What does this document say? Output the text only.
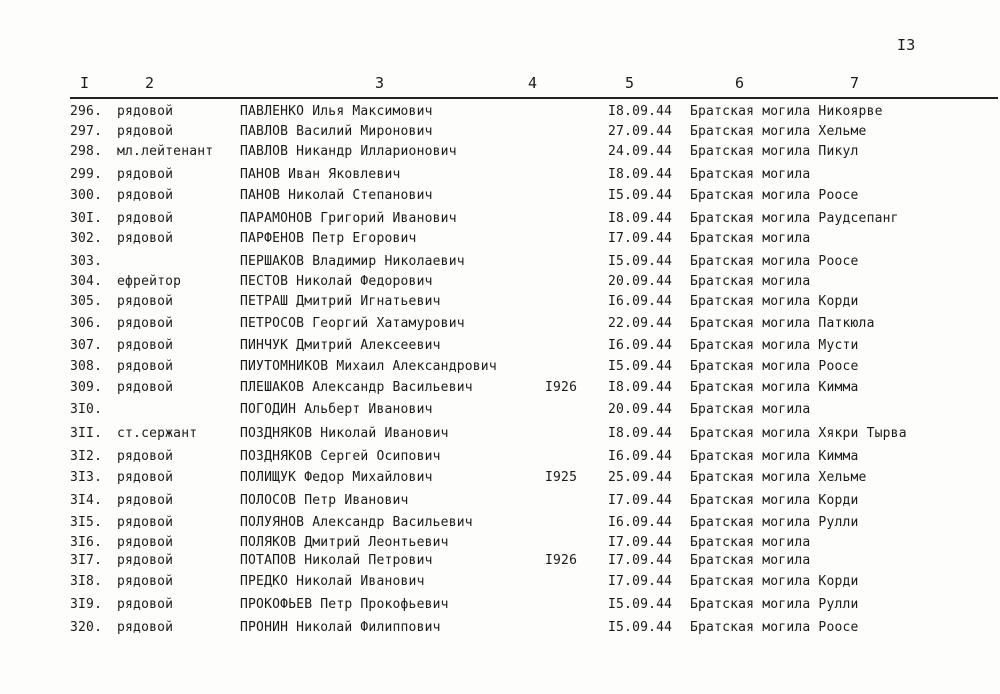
I3
I	2	3	4	5	6	7
296. рядовой	ПАВЛЕНКО Илья Максимович	I8.09.44 Братская могила Никоярве
297. рядовой	ПАВЛОВ Василий Миронович	27.09.44 Братская могила Хельме
298. мл.лейтенант ПАВЛОВ Никандр Илларионович	24.09.44 Братская могила Пикул
299. рядовой	ПАНОВ Иван Яковлевич	I8.09.44 Братская могила
300. рядовой	ПАНОВ Николай Степанович	I5.09.44 Братская могила Роосе
30I. рядовой	ПАРАМОНОВ Григорий Иванович	I8.09.44 Братская могила Раудсепанг
302. рядовой	ПАРФЕНОВ Петр Егорович	I7.09.44 Братская могила
303.	ПЕРШАКОВ Владимир Николаевич	I5.09.44 Братская могила Роосе
304. ефрейтор	ПЕСТОВ Николай Федорович	20.09.44 Братская могила
305. рядовой	ПЕТРАШ Дмитрий Игнатьевич	I6.09.44 Братская могила Корди
306. рядовой	ПЕТРОСОВ Георгий Хатамурович	22.09.44 Братская могила Паткюла
307. рядовой	ПИНЧУК Дмитрий Алексеевич	I6.09.44 Братская могила Мусти
308. рядовой	ПИУТОМНИКОВ Михаил Александрович	I5.09.44 Братская могила Роосе
309. рядовой	ПЛЕШАКОВ Александр Васильевич	I926 I8.09.44 Братская могила Кимма
3I0.	ПОГОДИН Альберт Иванович	20.09.44 Братская могила
3II. ст.сержант	ПОЗДНЯКОВ Николай Иванович	I8.09.44 Братская могила Хякри Тырва
3I2. рядовой	ПОЗДНЯКОВ Сергей Осипович	I6.09.44 Братская могила Кимма
3I3. рядовой	ПОЛИЩУК Федор Михайлович	I925 25.09.44 Братская могила Хельме
3I4. рядовой	ПОЛОСОВ Петр Иванович	I7.09.44 Братская могила Корди
3I5. рядовой	ПОЛУЯНОВ Александр Васильевич	I6.09.44 Братская могила Рулли
3I6. рядовой	ПОЛЯКОВ Дмитрий Леонтьевич	I7.09.44 Братская могила
3I7. рядовой	ПОТАПОВ Николай Петрович	I926 I7.09.44 Братская могила
3I8. рядовой	ПРЕДКО Николай Иванович	I7.09.44 Братская могила Корди
3I9. рядовой	ПРОКОФЬЕВ Петр Прокофьевич	I5.09.44 Братская могила Рулли
320. рядовой	ПРОНИН Николай Филиппович	I5.09.44 Братская могила Роосе
